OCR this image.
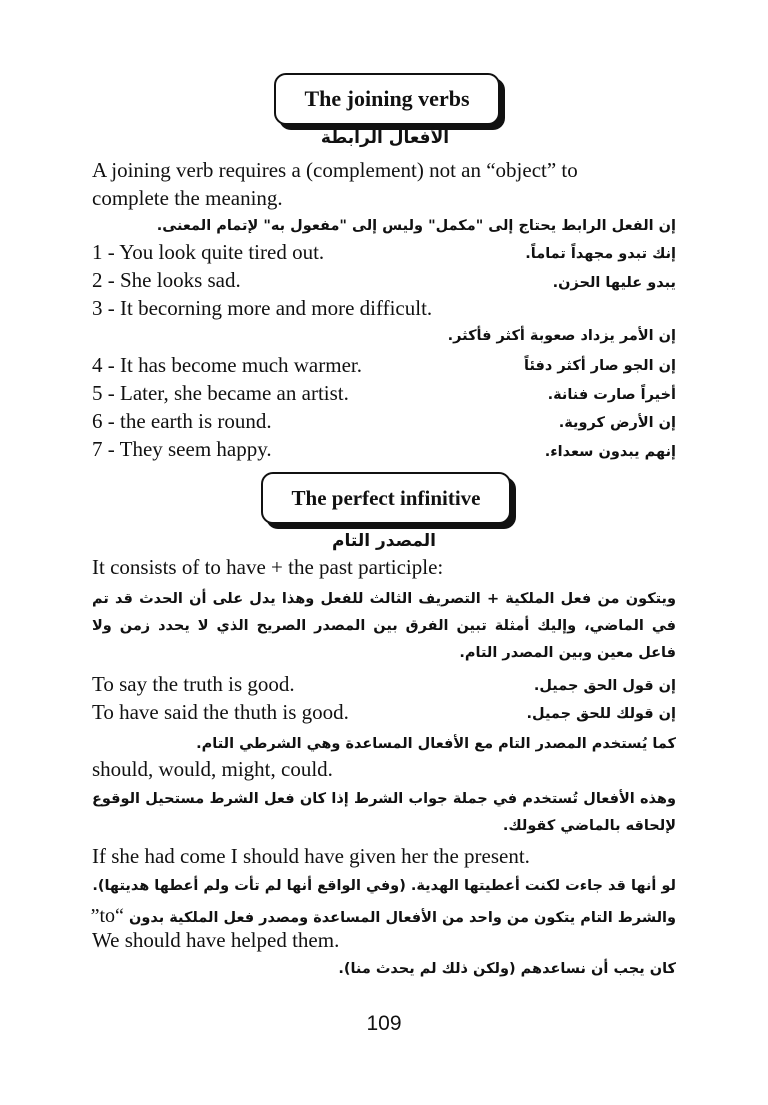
The joining verbs
الأفعال الرابطة
A joining verb requires a (complement) not an “object” to
complete the meaning.
إن الفعل الرابط يحتاج إلى "مكمل" وليس إلى "مفعول به" لإتمام المعنى.
1 - You look quite tired out.	إنك تبدو مجهداً تماماً.
2 - She looks sad.	يبدو عليها الحزن.
3 - It becorning more and more difficult.
إن الأمر يزداد صعوبة أكثر فأكثر.
4 - It has become much warmer.	إن الجو صار أكثر دفئاً
5 - Later, she became an artist.	أخيراً صارت فنانة.
6 - the earth is round.	إن الأرض كروية.
7 - They seem happy.	إنهم يبدون سعداء.
The perfect infinitive
المصدر التام
It consists of to have + the past participle:
ويتكون من فعل الملكية + التصريف الثالث للفعل وهذا يدل على أن الحدث قد تم في الماضي، وإليك أمثلة تبين الفرق بين المصدر الصريح الذي لا يحدد زمن ولا فاعل معين وبين المصدر التام.
To say the truth is good.	إن قول الحق جميل.
To have said the thuth is good.	إن قولك للحق جميل.
كما يُستخدم المصدر التام مع الأفعال المساعدة وهي الشرطي التام.
should, would, might, could.
وهذه الأفعال تُستخدم في جملة جواب الشرط إذا كان فعل الشرط مستحيل الوقوع لإلحاقه بالماضي كقولك.
If she had come I should have given her the present.
لو أنها قد جاءت لكنت أعطيتها الهدية. (وفي الواقع أنها لم تأت ولم أعطها هديتها).
والشرط التام يتكون من واحد من الأفعال المساعدة ومصدر فعل الملكية بدون “to”
We should have helped them.
كان يجب أن نساعدهم (ولكن ذلك لم يحدث منا).
109
